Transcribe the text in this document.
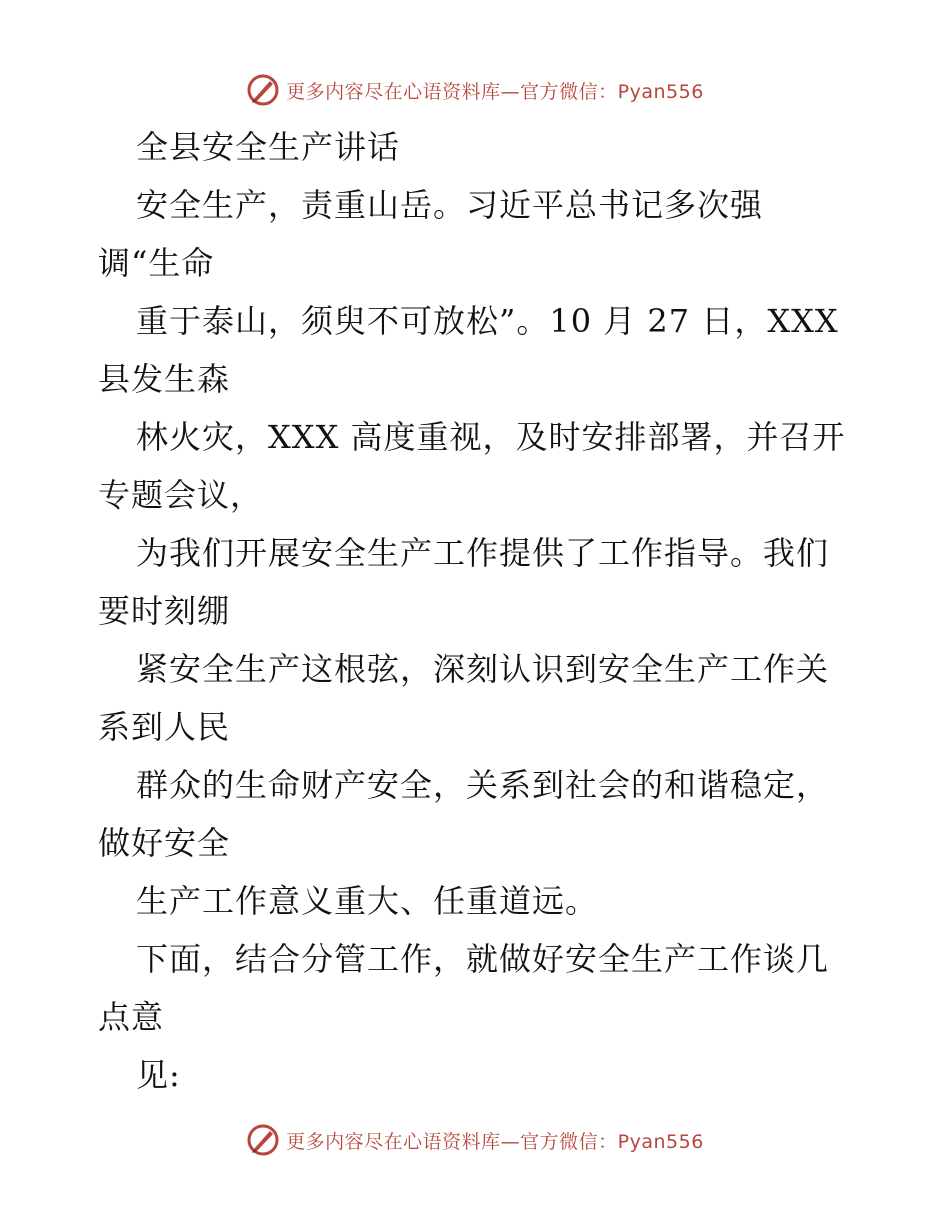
更多内容尽在心语资料库—官方微信：Pyan556
全县安全生产讲话
安全生产，责重山岳。习近平总书记多次强
调“生命
重于泰山，须臾不可放松”。10 月 27 日，XXX
县发生森
林火灾，XXX 高度重视，及时安排部署，并召开
专题会议，
为我们开展安全生产工作提供了工作指导。我们
要时刻绷
紧安全生产这根弦，深刻认识到安全生产工作关
系到人民
群众的生命财产安全，关系到社会的和谐稳定，
做好安全
生产工作意义重大、任重道远。
下面，结合分管工作，就做好安全生产工作谈几
点意
见:
更多内容尽在心语资料库—官方微信：Pyan556
